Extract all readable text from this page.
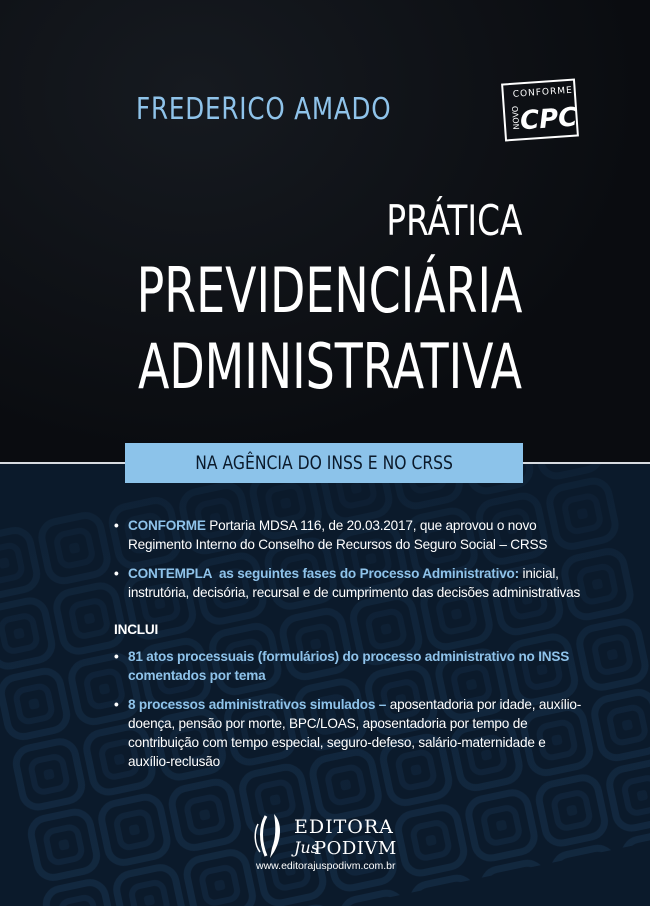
FREDERICO AMADO	CONFORME
NOVO
CPC
PRÁTICA
PREVIDENCIÁRIA
ADMINISTRATIVA
NA AGÊNCIA DO INSS E NO CRSS
• CONFORME Portaria MDSA 116, de 20.03.2017, que aprovou o novo Regimento Interno do Conselho de Recursos do Seguro Social – CRSS
• CONTEMPLA  as seguintes fases do Processo Administrativo: inicial, instrutória, decisória, recursal e de cumprimento das decisões administrativas
INCLUI
• 81 atos processuais (formulários) do processo administrativo no INSS comentados por tema
• 8 processos administrativos simulados – aposentadoria por idade, auxílio-doença, pensão por morte, BPC/LOAS, aposentadoria por tempo de contribuição com tempo especial, seguro-defeso, salário-maternidade e auxílio-reclusão
EDITORA
Jus
PODIVM
www.editorajuspodivm.com.br
